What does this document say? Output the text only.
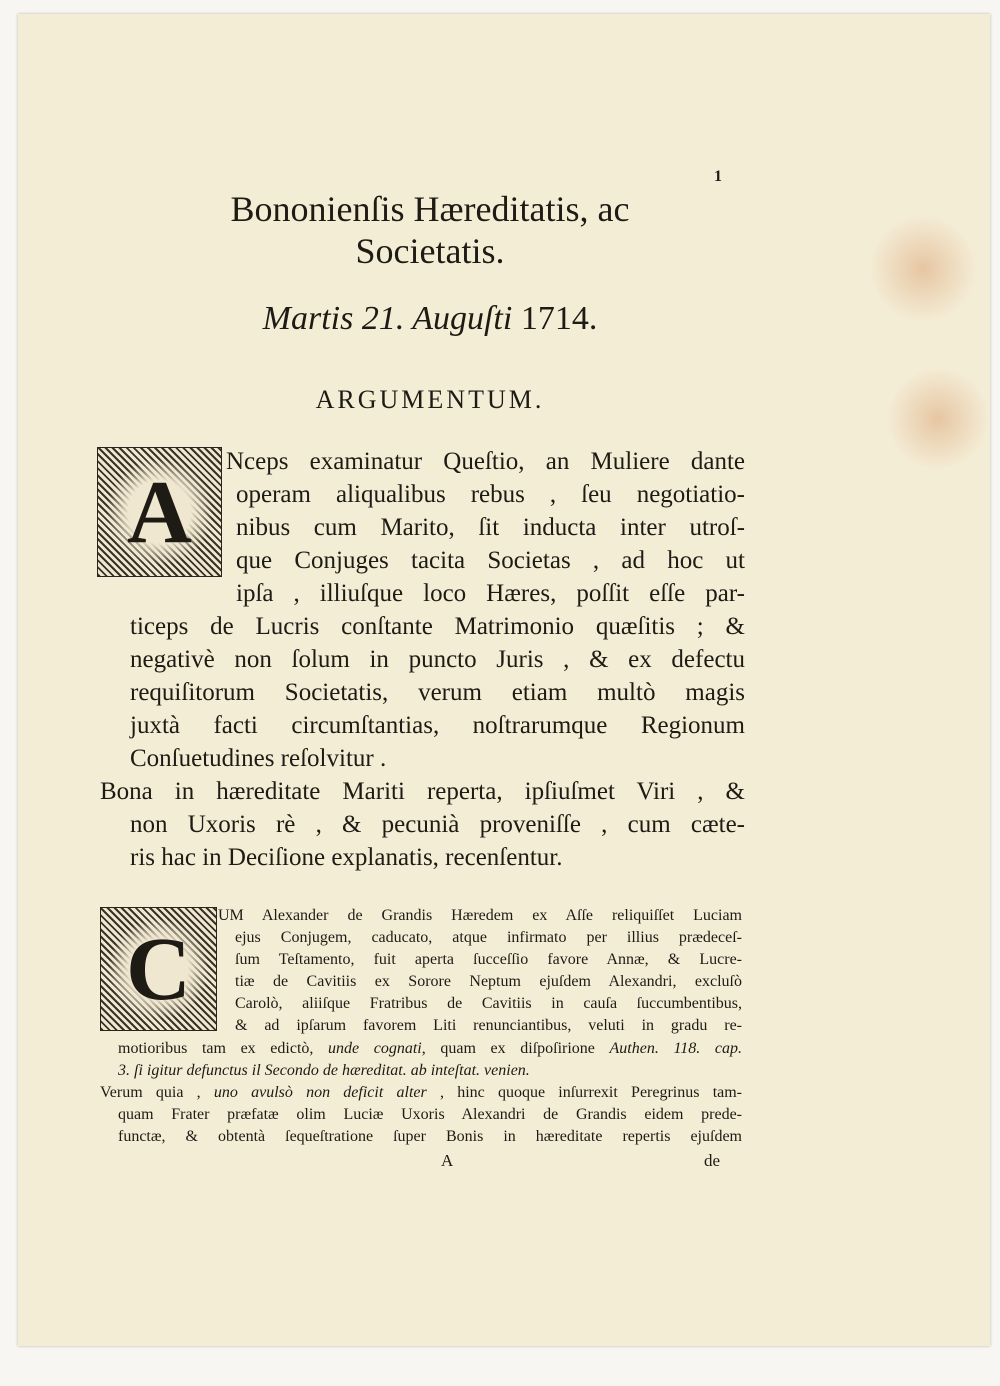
1
Bononienſis Hæreditatis, ac
Societatis.
Martis 21. Auguſti 1714.
ARGUMENTUM.
A
Nceps examinatur Queſtio, an Muliere dante
operam aliqualibus rebus , ſeu negotiatio-
nibus cum Marito, ſit inducta inter utroſ-
que Conjuges tacita Societas , ad hoc ut
ipſa , illiuſque loco Hæres, poſſit eſſe par-
ticeps de Lucris conſtante Matrimonio quæſitis ; &
negativè non ſolum in puncto Juris , & ex defectu
requiſitorum Societatis, verum etiam multò magis
juxtà facti circumſtantias, noſtrarumque Regionum
Conſuetudines reſolvitur .
Bona in hæreditate Mariti reperta, ipſiuſmet Viri , &
non Uxoris rè , & pecunià proveniſſe , cum cæte-
ris hac in Deciſione explanatis, recenſentur.
C
UM Alexander de Grandis Hæredem ex Aſſe reliquiſſet Luciam
ejus Conjugem, caducato, atque infirmato per illius prædeceſ-
ſum Teſtamento, fuit aperta ſucceſſio favore Annæ, & Lucre-
tiæ de Cavitiis ex Sorore Neptum ejuſdem Alexandri, excluſò
Carolò, aliiſque Fratribus de Cavitiis in cauſa ſuccumbentibus,
& ad ipſarum favorem Liti renunciantibus, veluti in gradu re-
motioribus tam ex edictò, unde cognati, quam ex diſpoſirione Authen. 118. cap.
3. ſi igitur defunctus il Secondo de hæreditat. ab inteſtat. venien.
Verum quia , uno avulsò non deficit alter , hinc quoque inſurrexit Peregrinus tam-
quam Frater præfatæ olim Luciæ Uxoris Alexandri de Grandis eidem prede-
functæ, & obtentà ſequeſtratione ſuper Bonis in hæreditate repertis ejuſdem
A	de
